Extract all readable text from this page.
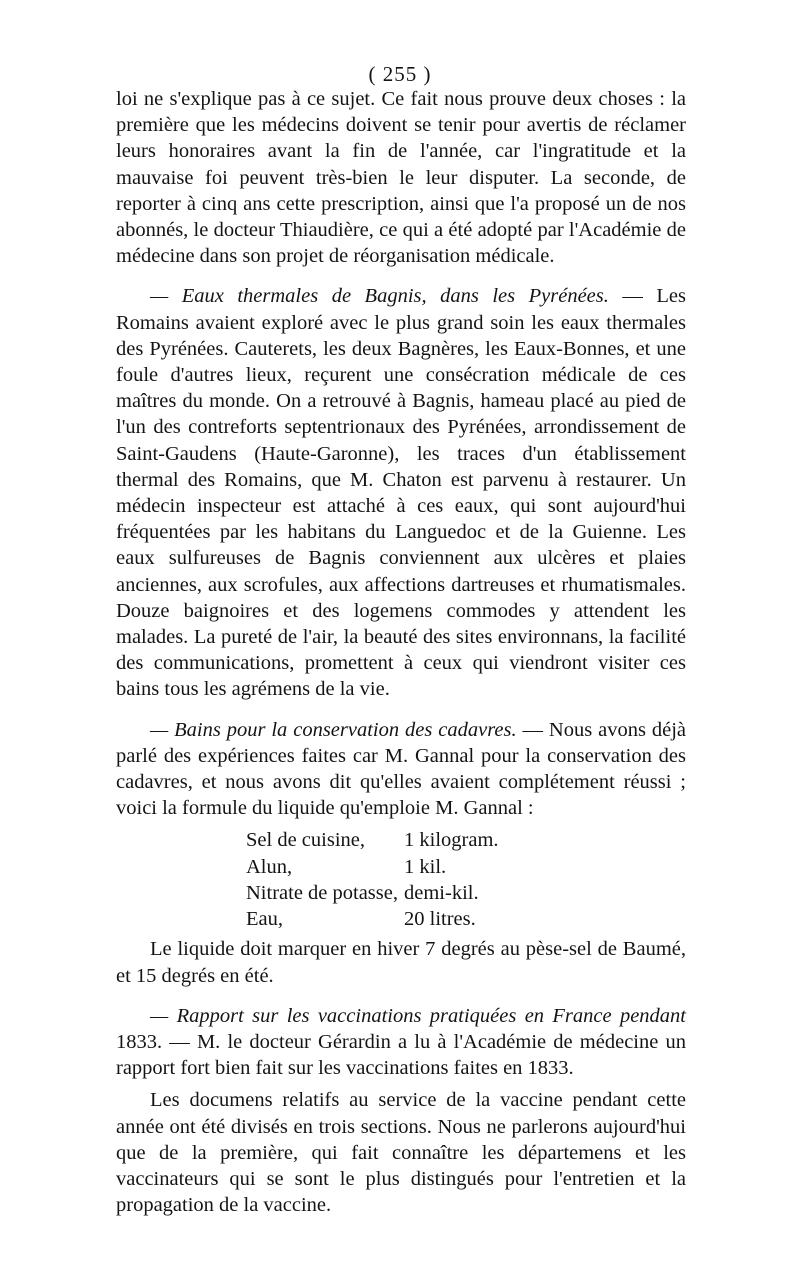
( 255 )

loi ne s'explique pas à ce sujet. Ce fait nous prouve deux choses : la première que les médecins doivent se tenir pour avertis de réclamer leurs honoraires avant la fin de l'année, car l'ingratitude et la mauvaise foi peuvent très-bien le leur disputer. La seconde, de reporter à cinq ans cette prescription, ainsi que l'a proposé un de nos abonnés, le docteur Thiaudière, ce qui a été adopté par l'Académie de médecine dans son projet de réorganisation médicale.

— Eaux thermales de Bagnis, dans les Pyrénées. — Les Romains avaient exploré avec le plus grand soin les eaux thermales des Pyrénées. Cauterets, les deux Bagnères, les Eaux-Bonnes, et une foule d'autres lieux, reçurent une consécration médicale de ces maîtres du monde. On a retrouvé à Bagnis, hameau placé au pied de l'un des contreforts septentrionaux des Pyrénées, arrondissement de Saint-Gaudens (Haute-Garonne), les traces d'un établissement thermal des Romains, que M. Chaton est parvenu à restaurer. Un médecin inspecteur est attaché à ces eaux, qui sont aujourd'hui fréquentées par les habitans du Languedoc et de la Guienne. Les eaux sulfureuses de Bagnis conviennent aux ulcères et plaies anciennes, aux scrofules, aux affections dartreuses et rhumatismales. Douze baignoires et des logemens commodes y attendent les malades. La pureté de l'air, la beauté des sites environnans, la facilité des communications, promettent à ceux qui viendront visiter ces bains tous les agrémens de la vie.

— Bains pour la conservation des cadavres. — Nous avons déjà parlé des expériences faites car M. Gannal pour la conservation des cadavres, et nous avons dit qu'elles avaient complétement réussi ; voici la formule du liquide qu'emploie M. Gannal :

Sel de cuisine,	1 kilogram.
Alun,	1 kil.
Nitrate de potasse,	demi-kil.
Eau,	20 litres.

Le liquide doit marquer en hiver 7 degrés au pèse-sel de Baumé, et 15 degrés en été.

— Rapport sur les vaccinations pratiquées en France pendant 1833. — M. le docteur Gérardin a lu à l'Académie de médecine un rapport fort bien fait sur les vaccinations faites en 1833.

Les documens relatifs au service de la vaccine pendant cette année ont été divisés en trois sections. Nous ne parlerons aujourd'hui que de la première, qui fait connaître les départemens et les vaccinateurs qui se sont le plus distingués pour l'entretien et la propagation de la vaccine.
